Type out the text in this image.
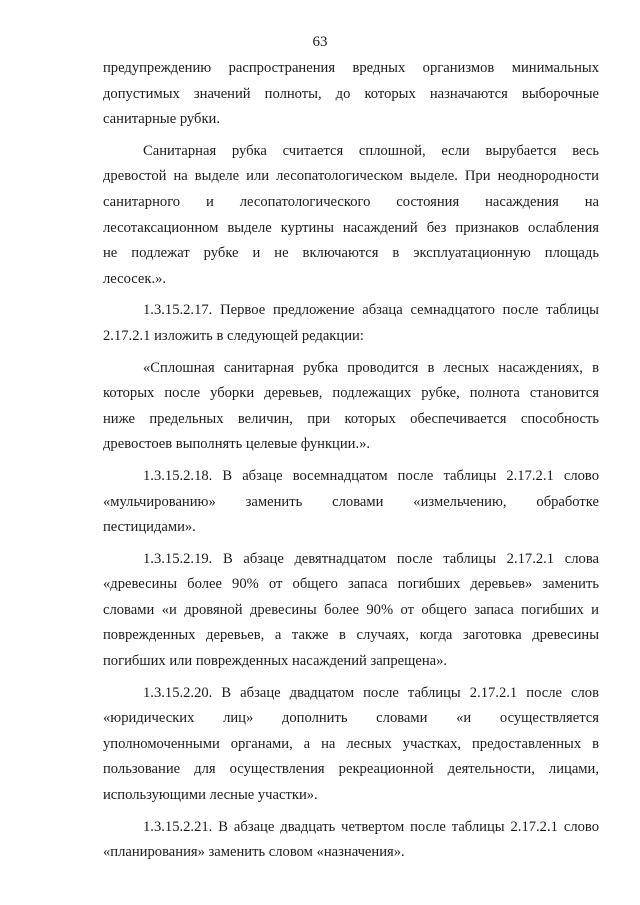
63
предупреждению распространения вредных организмов минимальных
допустимых значений полноты, до которых назначаются выборочные
санитарные рубки.
Санитарная рубка считается сплошной, если вырубается весь
древостой на выделе или лесопатологическом выделе. При неоднородности
санитарного и лесопатологического состояния насаждения на
лесотаксационном выделе куртины насаждений без признаков ослабления
не подлежат рубке и не включаются в эксплуатационную площадь
лесосек.».
1.3.15.2.17. Первое предложение абзаца семнадцатого после таблицы
2.17.2.1 изложить в следующей редакции:
«Сплошная санитарная рубка проводится в лесных насаждениях, в
которых после уборки деревьев, подлежащих рубке, полнота становится
ниже предельных величин, при которых обеспечивается способность
древостоев выполнять целевые функции.».
1.3.15.2.18. В абзаце восемнадцатом после таблицы 2.17.2.1 слово
«мульчированию» заменить словами «измельчению, обработке
пестицидами».
1.3.15.2.19. В абзаце девятнадцатом после таблицы 2.17.2.1 слова
«древесины более 90% от общего запаса погибших деревьев» заменить
словами «и дровяной древесины более 90% от общего запаса погибших и
поврежденных деревьев, а также в случаях, когда заготовка древесины
погибших или поврежденных насаждений запрещена».
1.3.15.2.20. В абзаце двадцатом после таблицы 2.17.2.1 после слов
«юридических лиц» дополнить словами «и осуществляется
уполномоченными органами, а на лесных участках, предоставленных в
пользование для осуществления рекреационной деятельности, лицами,
использующими лесные участки».
1.3.15.2.21. В абзаце двадцать четвертом после таблицы 2.17.2.1 слово
«планирования» заменить словом «назначения».
